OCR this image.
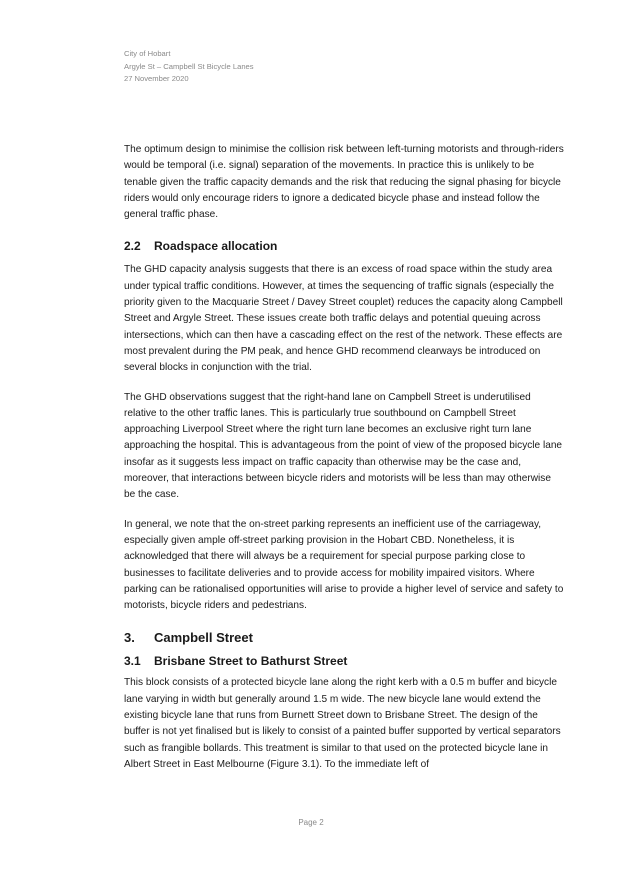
City of Hobart
Argyle St – Campbell St Bicycle Lanes
27 November 2020

The optimum design to minimise the collision risk between left-turning motorists and through-riders would be temporal (i.e. signal) separation of the movements. In practice this is unlikely to be tenable given the traffic capacity demands and the risk that reducing the signal phasing for bicycle riders would only encourage riders to ignore a dedicated bicycle phase and instead follow the general traffic phase.

2.2 Roadspace allocation

The GHD capacity analysis suggests that there is an excess of road space within the study area under typical traffic conditions. However, at times the sequencing of traffic signals (especially the priority given to the Macquarie Street / Davey Street couplet) reduces the capacity along Campbell Street and Argyle Street. These issues create both traffic delays and potential queuing across intersections, which can then have a cascading effect on the rest of the network. These effects are most prevalent during the PM peak, and hence GHD recommend clearways be introduced on several blocks in conjunction with the trial.

The GHD observations suggest that the right-hand lane on Campbell Street is underutilised relative to the other traffic lanes. This is particularly true southbound on Campbell Street approaching Liverpool Street where the right turn lane becomes an exclusive right turn lane approaching the hospital. This is advantageous from the point of view of the proposed bicycle lane insofar as it suggests less impact on traffic capacity than otherwise may be the case and, moreover, that interactions between bicycle riders and motorists will be less than may otherwise be the case.

In general, we note that the on-street parking represents an inefficient use of the carriageway, especially given ample off-street parking provision in the Hobart CBD. Nonetheless, it is acknowledged that there will always be a requirement for special purpose parking close to businesses to facilitate deliveries and to provide access for mobility impaired visitors. Where parking can be rationalised opportunities will arise to provide a higher level of service and safety to motorists, bicycle riders and pedestrians.

3. Campbell Street
3.1 Brisbane Street to Bathurst Street

This block consists of a protected bicycle lane along the right kerb with a 0.5 m buffer and bicycle lane varying in width but generally around 1.5 m wide. The new bicycle lane would extend the existing bicycle lane that runs from Burnett Street down to Brisbane Street. The design of the buffer is not yet finalised but is likely to consist of a painted buffer supported by vertical separators such as frangible bollards. This treatment is similar to that used on the protected bicycle lane in Albert Street in East Melbourne (Figure 3.1). To the immediate left of

Page 2
